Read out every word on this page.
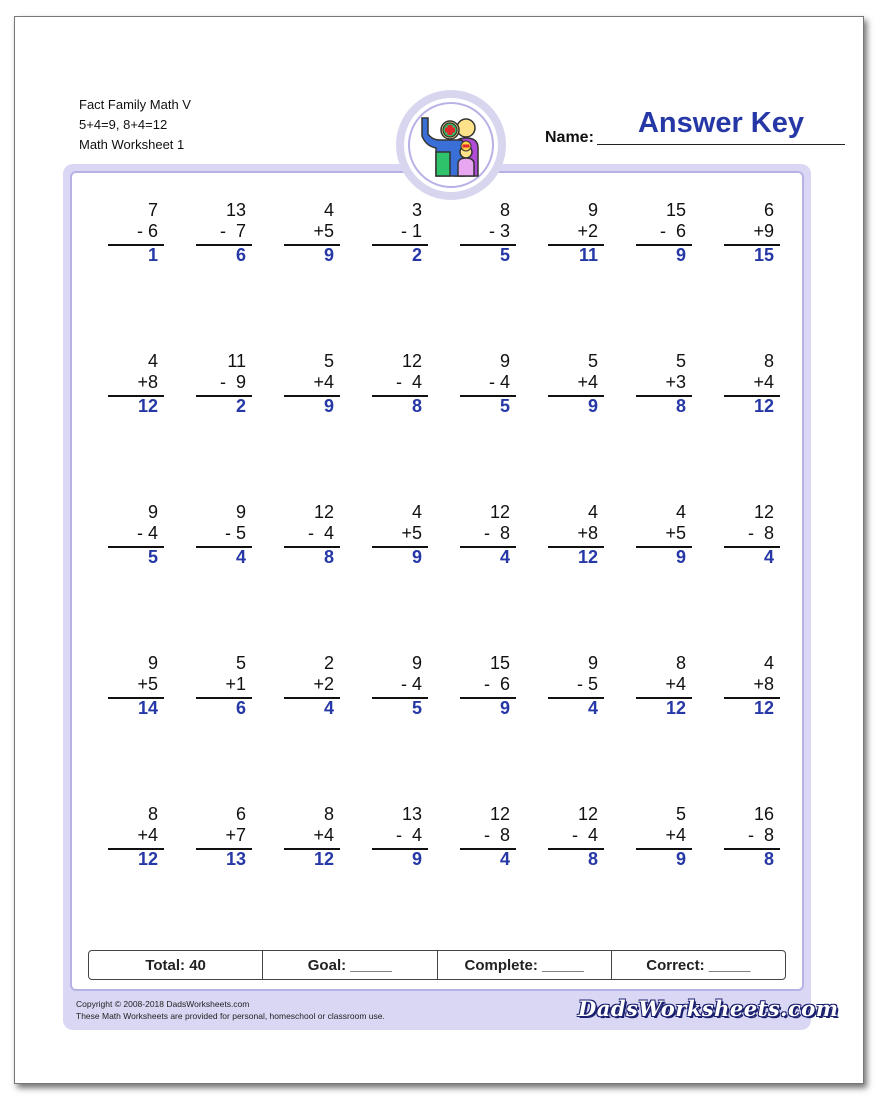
Fact Family Math V
5+4=9, 8+4=12
Math Worksheet 1	Name:	Answer Key
7
- 6
1
13
-  7
6
4
+5
9
3
- 1
2
8
- 3
5
9
+2
11
15
-  6
9
6
+9
15
4
+8
12
11
-  9
2
5
+4
9
12
-  4
8
9
- 4
5
5
+4
9
5
+3
8
8
+4
12
9
- 4
5
9
- 5
4
12
-  4
8
4
+5
9
12
-  8
4
4
+8
12
4
+5
9
12
-  8
4
9
+5
14
5
+1
6
2
+2
4
9
- 4
5
15
-  6
9
9
- 5
4
8
+4
12
4
+8
12
8
+4
12
6
+7
13
8
+4
12
13
-  4
9
12
-  8
4
12
-  4
8
5
+4
9
16
-  8
8
Total: 40	Goal: _____	Complete: _____	Correct: _____
Copyright © 2008-2018 DadsWorksheets.com
These Math Worksheets are provided for personal, homeschool or classroom use.	DadsWorksheets.com
